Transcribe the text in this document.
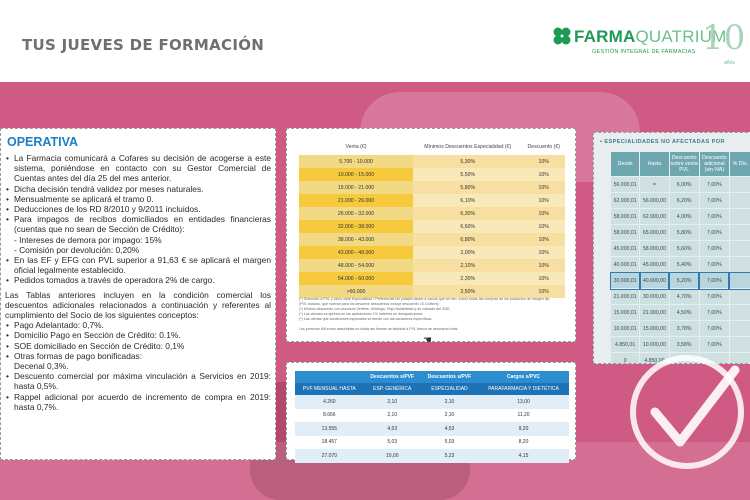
TUS JUEVES DE FORMACIÓN	FARMAQUATRIUM
GESTIÓN INTEGRAL DE FARMACIAS 10
años
OPERATIVA
• La Farmacia comunicará a Cofares su decisión de acogerse a este sistema, poniéndose en contacto con su Gestor Comercial de Cuentas antes del día 25 del mes anterior.
• Dicha decisión tendrá validez por meses naturales.
• Mensualmente se aplicará el tramo 0.
• Deducciones de los RD 8/2010 y 9/2011 incluidos.
• Para impagos de recibos domiciliados en entidades financieras (cuentas que no sean de Sección de Crédito):
- Intereses de demora por impago: 15%
- Comisión por devolución: 0,20%
• En las EF y EFG con PVL superior a 91,63 € se aplicará el margen oficial legalmente establecido.
• Pedidos tomados a través de operadora 2% de cargo.
Las Tablas anteriores incluyen en la condición comercial los descuentos adicionales relacionados a continuación y referentes al cumplimiento del Socio de los siguientes conceptos:
• Pago Adelantado: 0,7%.
• Domicilio Pago en Sección de Crédito: 0.1%.
• SOE domiciliado en Sección de Crédito: 0,1%
• Otras formas de pago bonificadas:
Decenal 0,3%.
• Descuento comercial por máxima vinculación a Servicios en 2019: hasta 0,5%.
• Rappel adicional por acuerdo de incremento de compra en 2019: hasta 0,7%.
Venta (€)	Mínimos Descuentos Especialidad (€)	Descuento (€)
5.700 - 10.000	5,30%	10%
10.000 - 15.000	5,50%	10%
15.000 - 21.000	5,80%	10%
21.000 - 26.000	6,10%	10%
26.000 - 32.000	6,30%	10%
32.000 - 38.000	6,60%	10%
38.000 - 43.000	6,80%	10%
43.000 - 48.000	2,00%	10%
48.000 - 54.000	2,10%	10%
54.000 - 60.000	2,30%	10%
>60.000	2,50%	10%

(*) Selección a PVL y cinco siete Especialidad / Preferencial los potajes dados a vacíos que se han. Incluir todas las compras de los productos de margen fijo.

(PVL incluido, que nuevos para los devuelve descuentos incluye descuento 10 Cofares)

(*) Mínimo descuento con procesos Vehfere, Kitstlogn, Flujo Notabilidad y de cobrado del SOE

(*) Los clientes se aprecia en las aplicaciones 1% inviertes en desapariciones

(*) Las ofertas que condiciones especiales se tiende con las caracteres específicas.

Los primeros 6/8 euros absorbidas en todas las formas de factorial a PVL franca de descuento total.

☚
	Descuentos s/PVF	Descuentos s/PVF	Cargos s/PVC
PVF MENSUAL HASTA	ESP. GENÉRICA	ESPECIALIDAD	PARAFARMACIA Y DIETÉTICA
4.260	2,10	2,10	13,00
8.666	2,10	2,10	11,20
13.555	4,53	4,53	9,20
18.457	5,03	5,03	8,20
27.070	10,00	5,23	4,15
▪ ESPECIALIDADES NO AFECTADAS POR
Desde	Hasta	Descuento sobre venta PVL	Descuento adicional (sin IVA)	% Dto.
56.000,01	=	6,00%	7,00%	
62.000,01	56.000,00	6,20%	7,00%	
58.000,01	62.000,00	4,00%	7,00%	
58.000,01	65.000,00	5,80%	7,00%	
45.000,01	58.000,00	5,60%	7,00%	
40.000,01	45.000,00	5,40%	7,00%	
30.000,01	40.000,00	5,20%	7,00%	
21.000,01	30.000,00	4,70%	7,00%	
15.000,01	21.000,00	4,50%	7,00%	
10.000,01	15.000,00	3,78%	7,00%	
4.850,01	10.000,00	3,58%	7,00%	
0	4.850,00			
